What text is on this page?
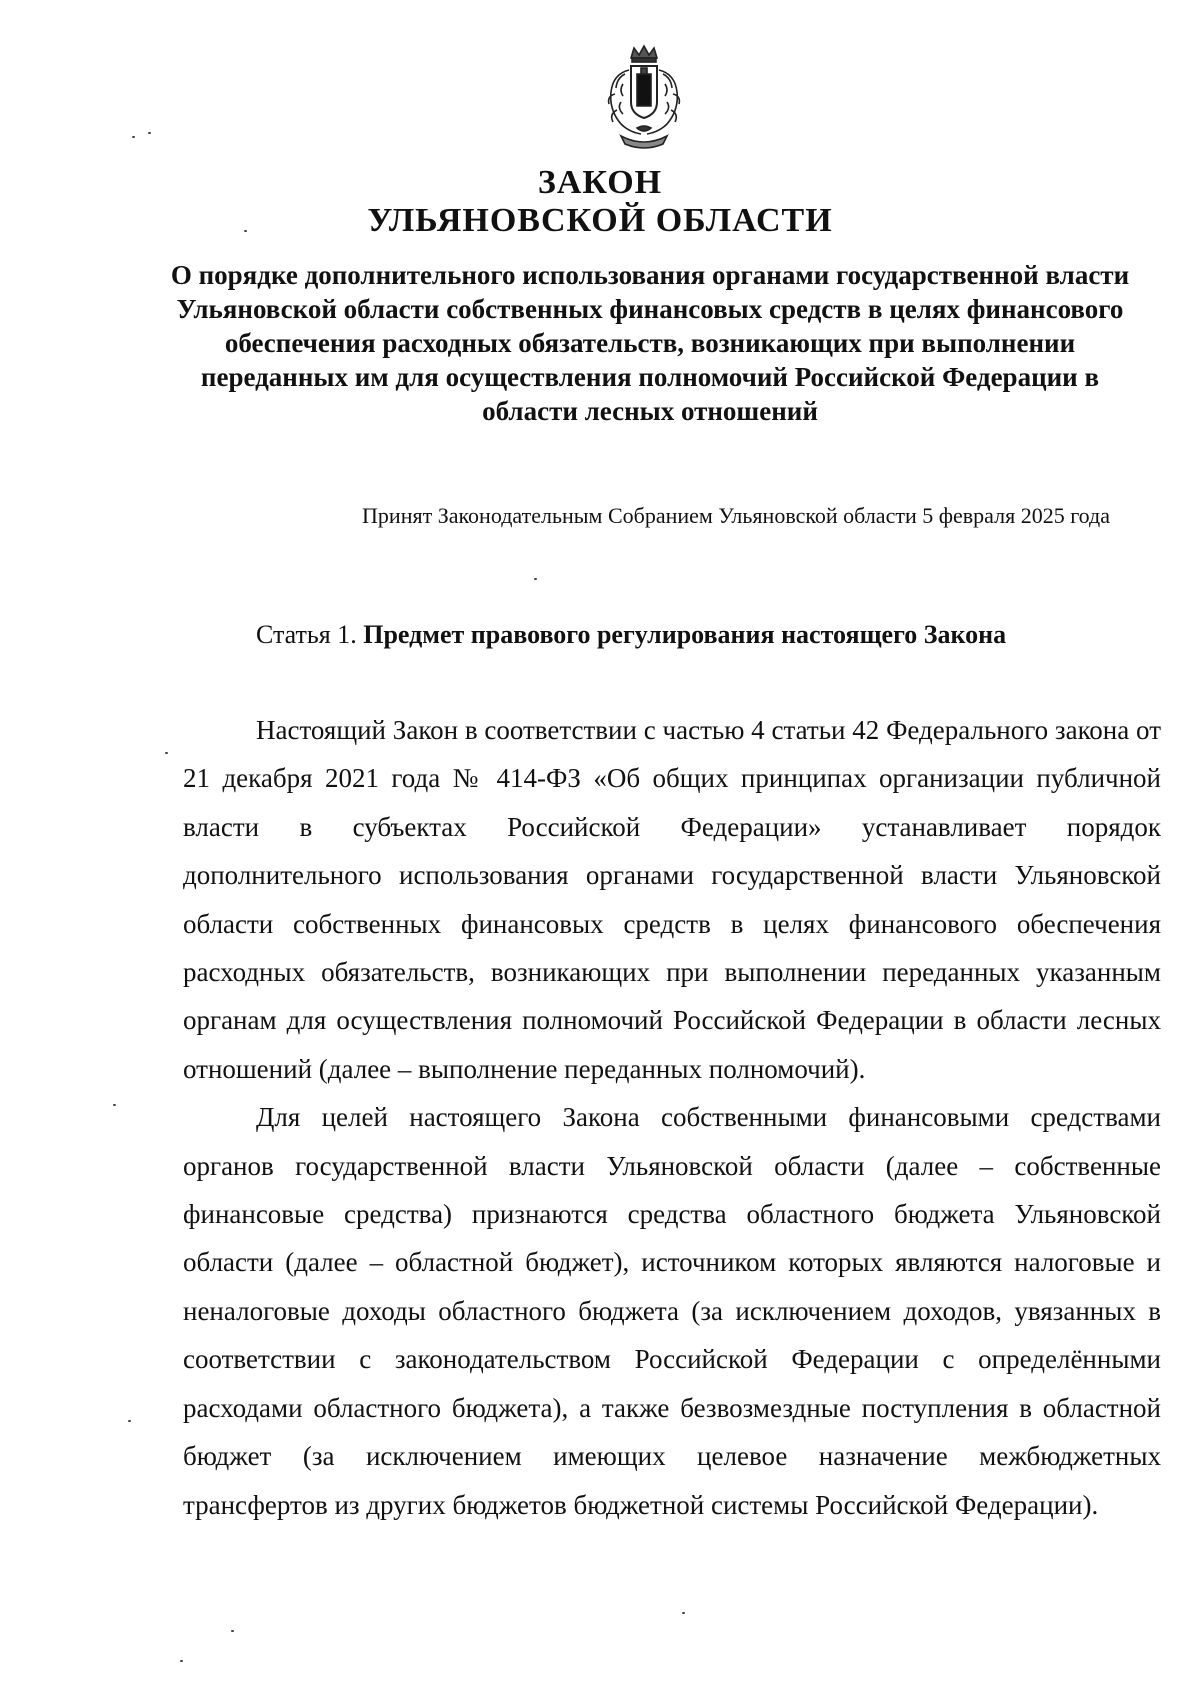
ЗАКОН
УЛЬЯНОВСКОЙ ОБЛАСТИ
О порядке дополнительного использования органами государственной власти Ульяновской области собственных финансовых средств в целях финансового обеспечения расходных обязательств, возникающих при выполнении переданных им для осуществления полномочий Российской Федерации в области лесных отношений
Принят Законодательным Собранием Ульяновской области 5 февраля 2025 года
Статья 1. Предмет правового регулирования настоящего Закона

Настоящий Закон в соответствии с частью 4 статьи 42 Федерального закона от 21 декабря 2021 года № 414-ФЗ «Об общих принципах организации публичной власти в субъектах Российской Федерации» устанавливает порядок дополнительного использования органами государственной власти Ульяновской области собственных финансовых средств в целях финансового обеспечения расходных обязательств, возникающих при выполнении переданных указанным органам для осуществления полномочий Российской Федерации в области лесных отношений (далее – выполнение переданных полномочий).

Для целей настоящего Закона собственными финансовыми средствами органов государственной власти Ульяновской области (далее – собственные финансовые средства) признаются средства областного бюджета Ульяновской области (далее – областной бюджет), источником которых являются налоговые и неналоговые доходы областного бюджета (за исключением доходов, увязанных в соответствии с законодательством Российской Федерации с определёнными расходами областного бюджета), а также безвозмездные поступления в областной бюджет (за исключением имеющих целевое назначение межбюджетных трансфертов из других бюджетов бюджетной системы Российской Федерации).
